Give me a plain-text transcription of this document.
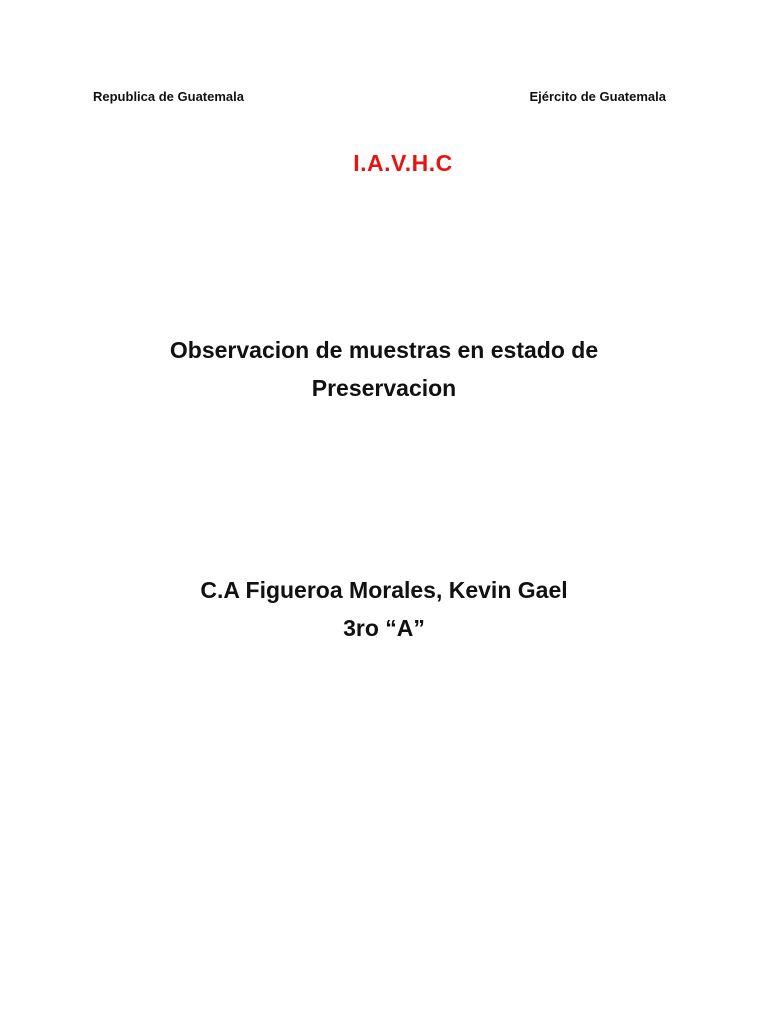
Republica de Guatemala	Ejército de Guatemala
I.A.V.H.C
Observacion de muestras en estado de
Preservacion
C.A Figueroa Morales, Kevin Gael
3ro “A”
